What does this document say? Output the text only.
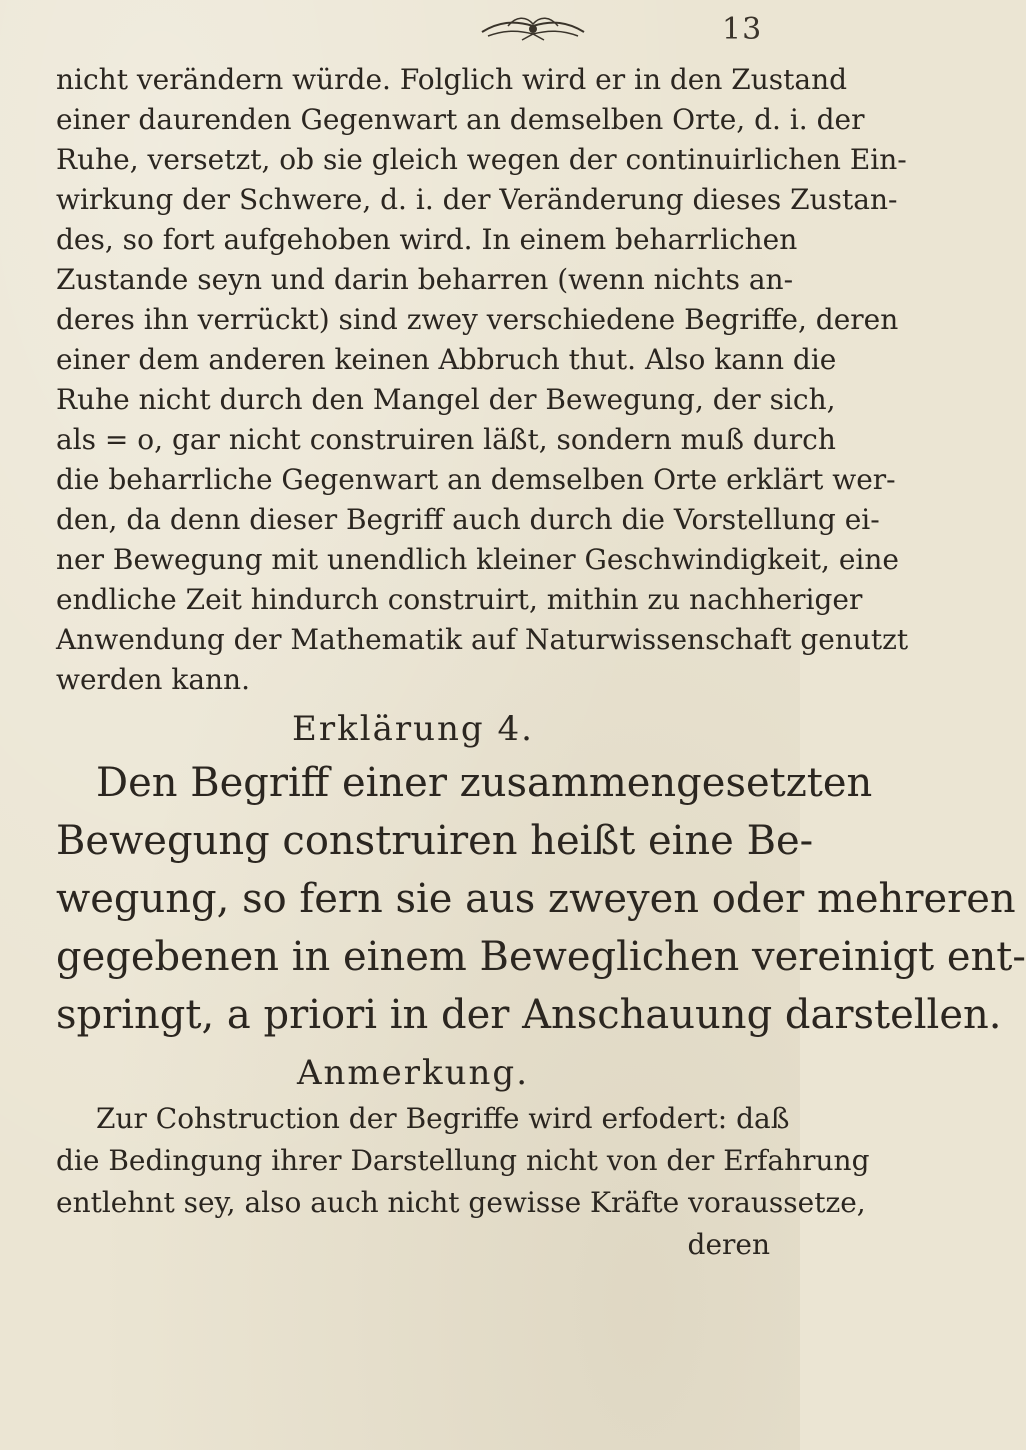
13
nicht verändern würde. Folglich wird er in den Zustand
einer daurenden Gegenwart an demselben Orte, d. i. der
Ruhe, versetzt, ob sie gleich wegen der continuirlichen Ein-
wirkung der Schwere, d. i. der Veränderung dieses Zustan-
des, so fort aufgehoben wird. In einem beharrlichen
Zustande seyn und darin beharren (wenn nichts an-
deres ihn verrückt) sind zwey verschiedene Begriffe, deren
einer dem anderen keinen Abbruch thut. Also kann die
Ruhe nicht durch den Mangel der Bewegung, der sich,
als = o, gar nicht construiren läßt, sondern muß durch
die beharrliche Gegenwart an demselben Orte erklärt wer-
den, da denn dieser Begriff auch durch die Vorstellung ei-
ner Bewegung mit unendlich kleiner Geschwindigkeit, eine
endliche Zeit hindurch construirt, mithin zu nachheriger
Anwendung der Mathematik auf Naturwissenschaft genutzt
werden kann.
Erklärung 4.
Den Begriff einer zusammengesetzten
Bewegung construiren heißt eine Be-
wegung, so fern sie aus zweyen oder mehreren
gegebenen in einem Beweglichen vereinigt ent-
springt, a priori in der Anschauung darstellen.
Anmerkung.
Zur Cohstruction der Begriffe wird erfodert: daß
die Bedingung ihrer Darstellung nicht von der Erfahrung
entlehnt sey, also auch nicht gewisse Kräfte voraussetze,
deren
